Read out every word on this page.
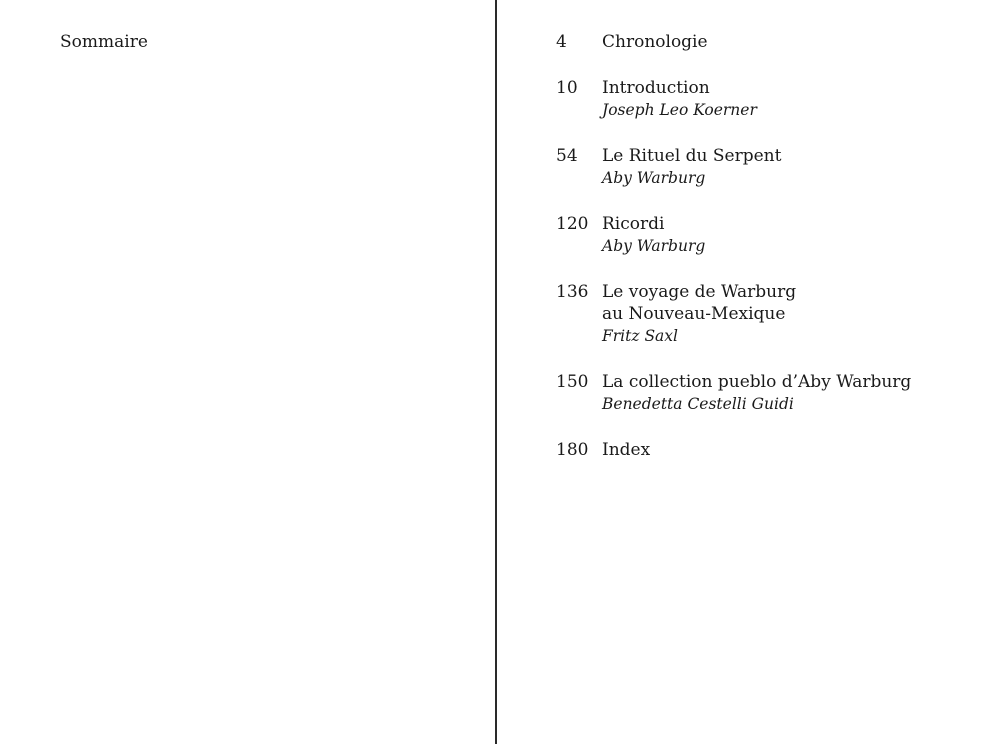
Sommaire	4 Chronologie
10 Introduction
Joseph Leo Koerner
54 Le Rituel du Serpent
Aby Warburg
120 Ricordi
Aby Warburg
136 Le voyage de Warburg
au Nouveau-Mexique
Fritz Saxl
150 La collection pueblo d’Aby Warburg
Benedetta Cestelli Guidi
180 Index
